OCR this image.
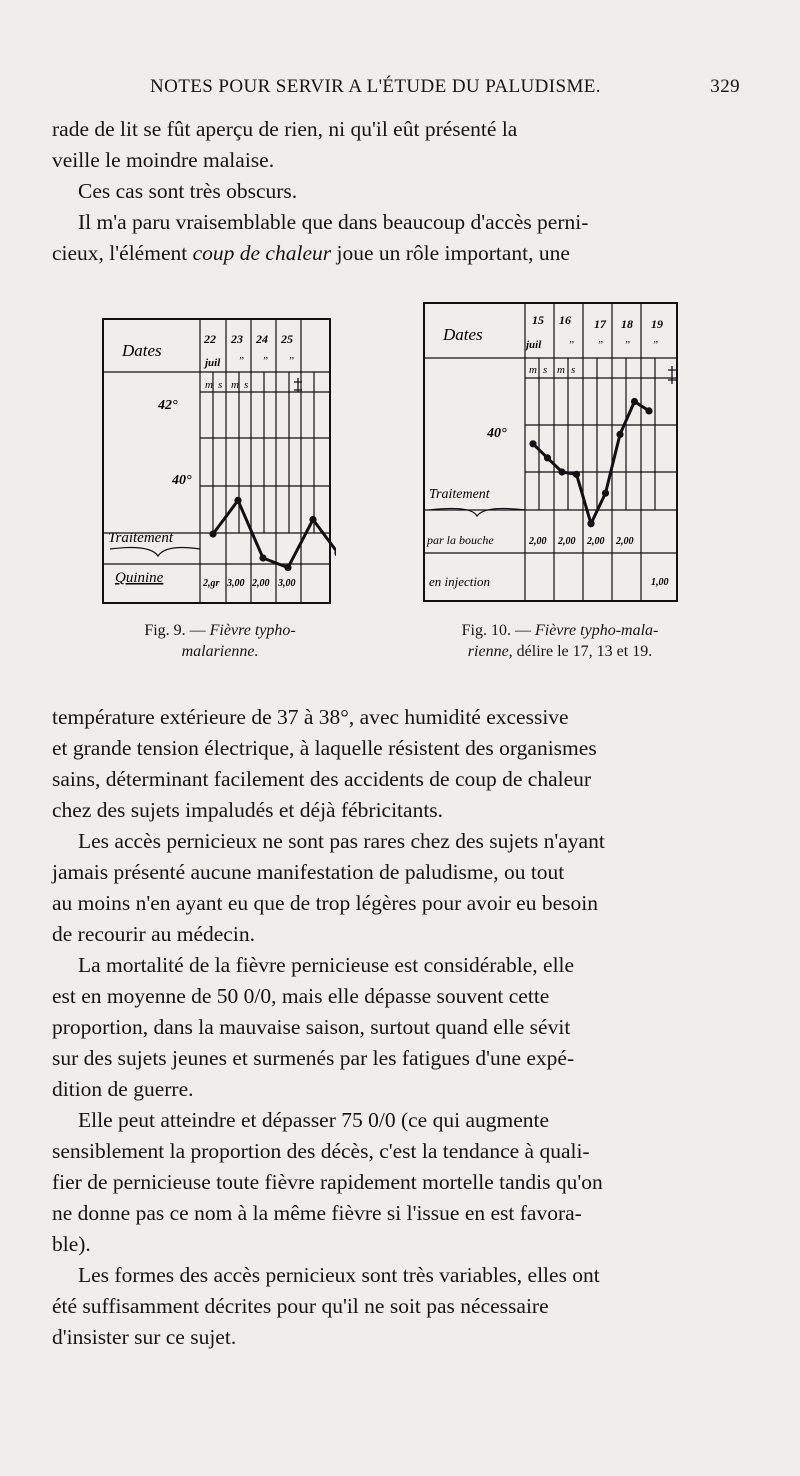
NOTES POUR SERVIR A L'ÉTUDE DU PALUDISME.	329

rade de lit se fût aperçu de rien, ni qu'il eût présenté la

veille le moindre malaise.

Ces cas sont très obscurs.

Il m'a paru vraisemblable que dans beaucoup d'accès perni-

cieux, l'élément coup de chaleur joue un rôle important, une

Dates
42°
40°
Traitement
Quinine
22 23 24 25
juil ” ” ”
m s m s
2,gr 3,00 2,00 3,00
Fig. 9. — Fièvre typho-
malarienne.
Dates
40°
Traitement
par la bouche
en injection
15 16 17 18 19
juil ” ” ” ”
m s m s
2,00 2,00 2,00 2,00
1,00
Fig. 10. — Fièvre typho-mala-
rienne, délire le 17, 13 et 19.

température extérieure de 37 à 38°, avec humidité excessive

et grande tension électrique, à laquelle résistent des organismes

sains, déterminant facilement des accidents de coup de chaleur

chez des sujets impaludés et déjà fébricitants.

Les accès pernicieux ne sont pas rares chez des sujets n'ayant

jamais présenté aucune manifestation de paludisme, ou tout

au moins n'en ayant eu que de trop légères pour avoir eu besoin

de recourir au médecin.

La mortalité de la fièvre pernicieuse est considérable, elle

est en moyenne de 50 0/0, mais elle dépasse souvent cette

proportion, dans la mauvaise saison, surtout quand elle sévit

sur des sujets jeunes et surmenés par les fatigues d'une expé-

dition de guerre.

Elle peut atteindre et dépasser 75 0/0 (ce qui augmente

sensiblement la proportion des décès, c'est la tendance à quali-

fier de pernicieuse toute fièvre rapidement mortelle tandis qu'on

ne donne pas ce nom à la même fièvre si l'issue en est favora-

ble).

Les formes des accès pernicieux sont très variables, elles ont

été suffisamment décrites pour qu'il ne soit pas nécessaire

d'insister sur ce sujet.
